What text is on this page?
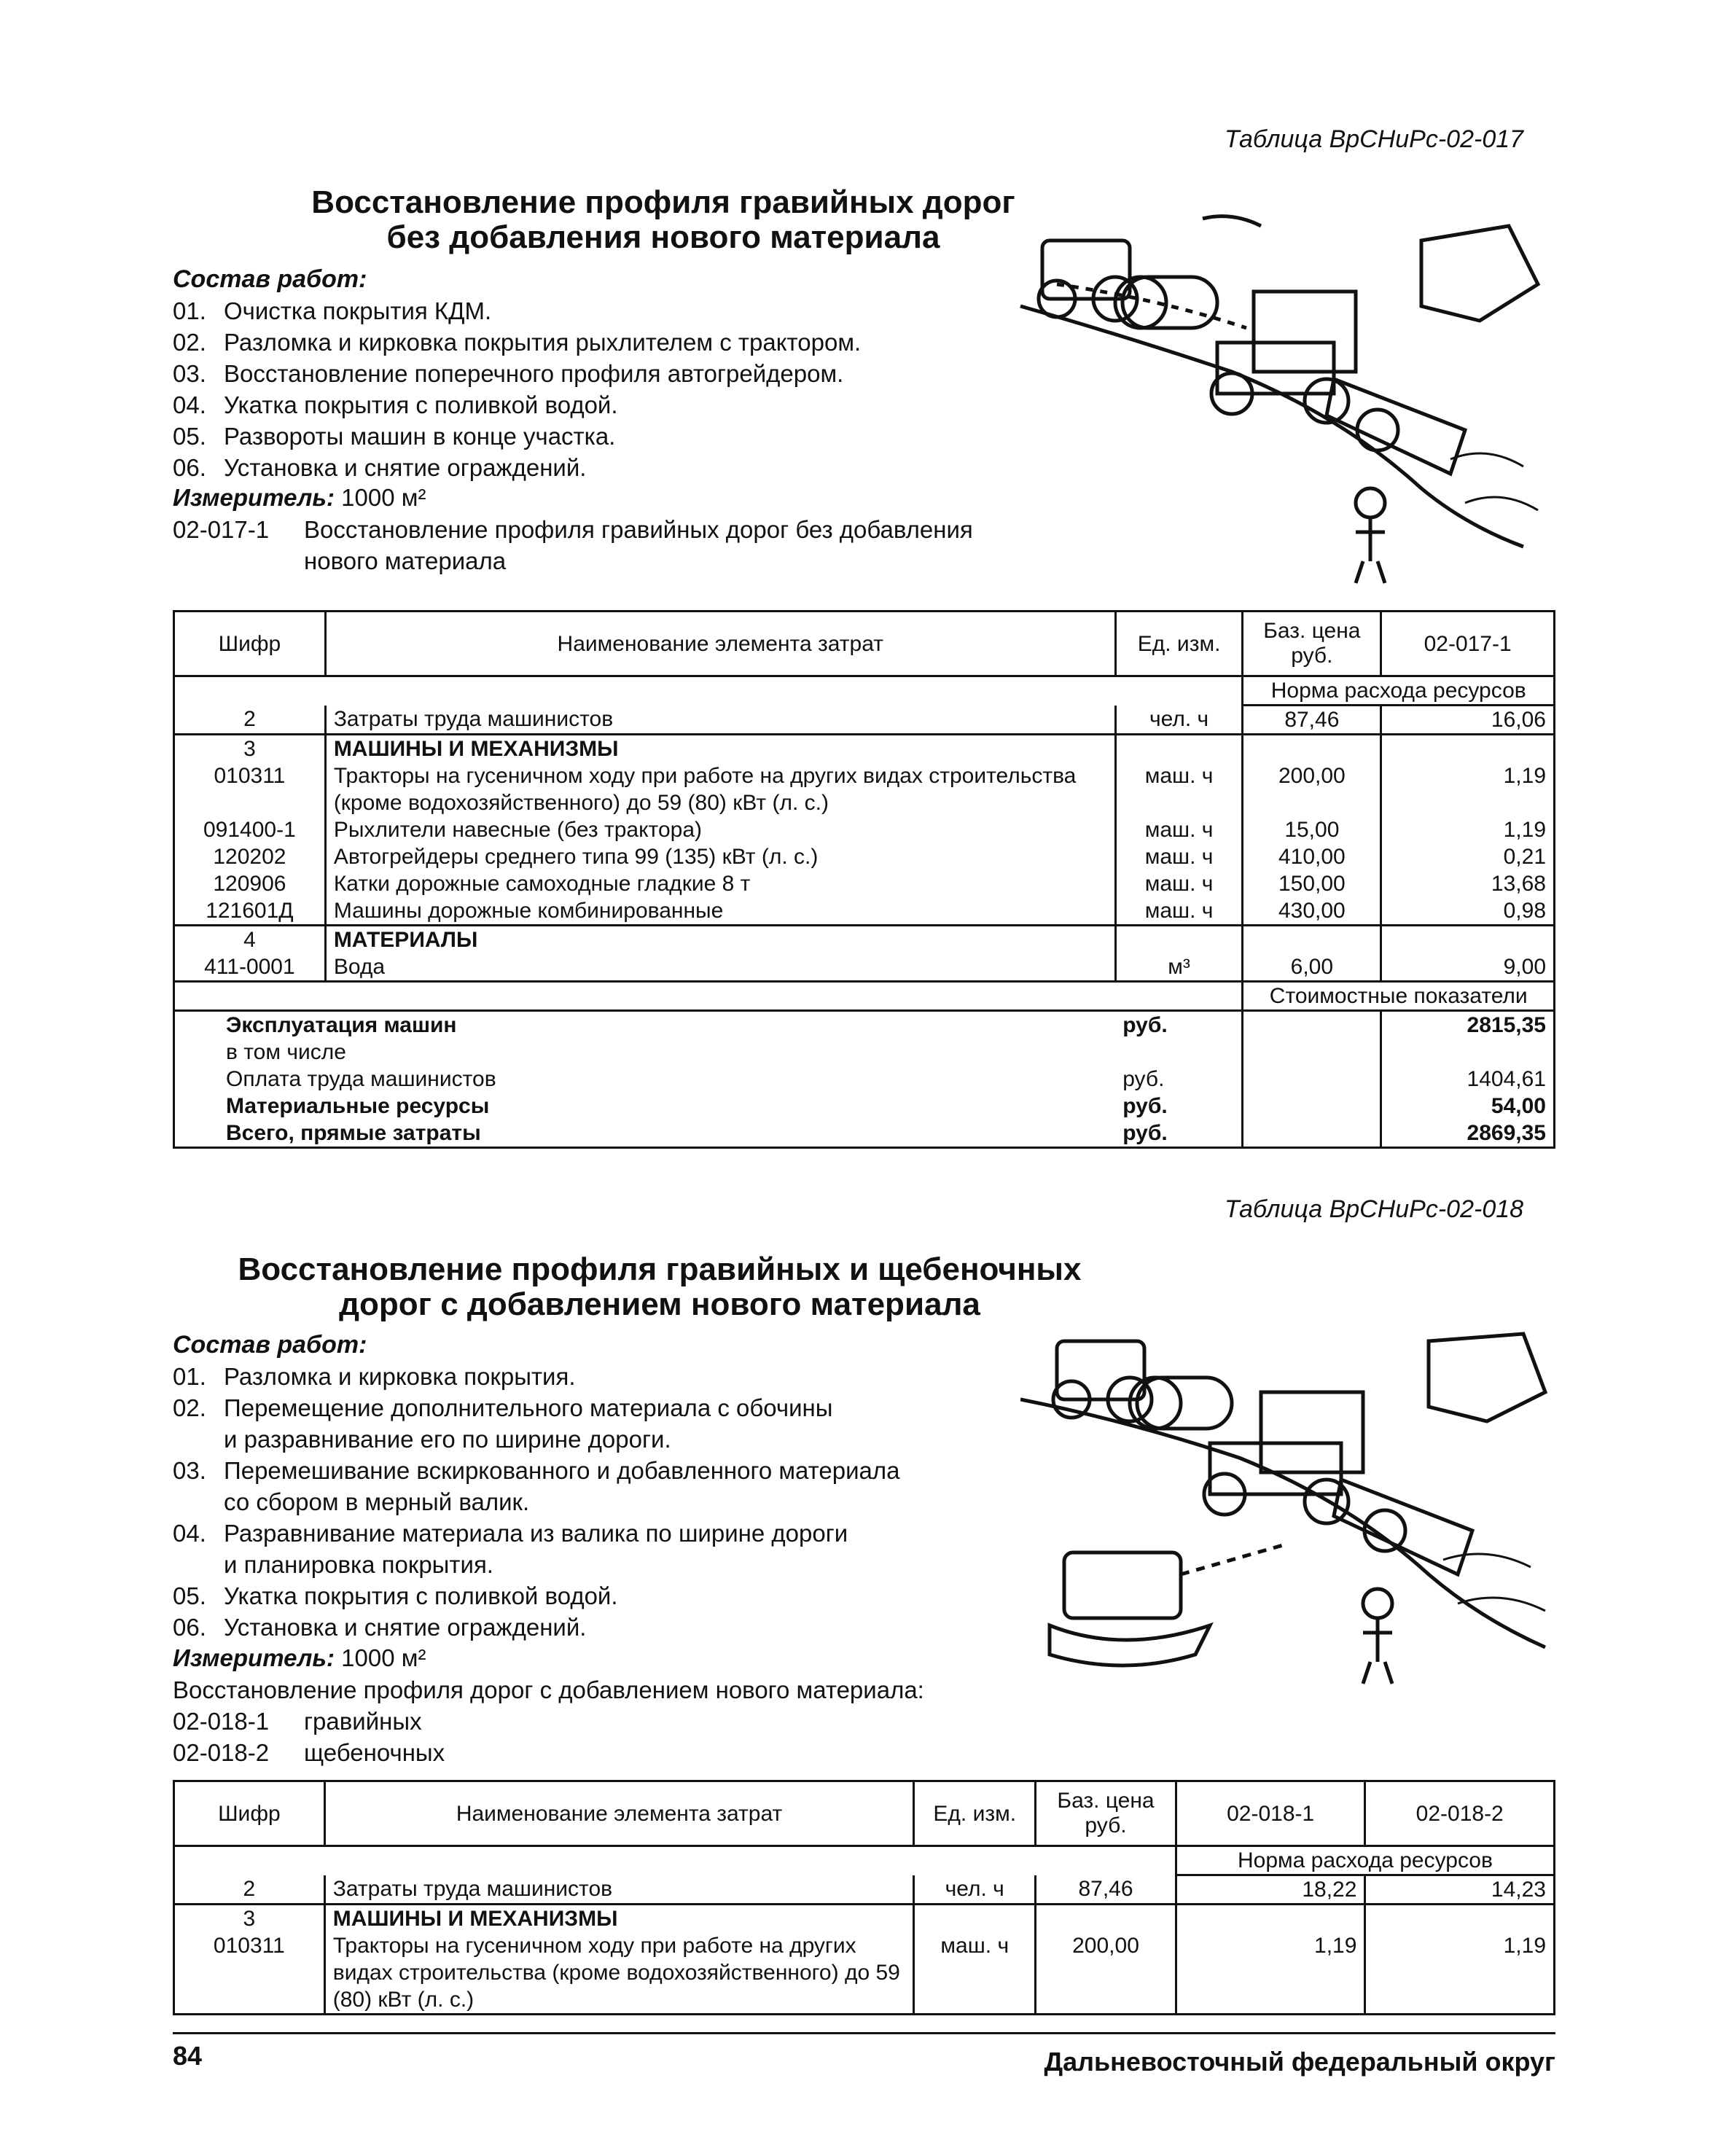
Таблица ВрСНиРс-02-017
Восстановление профиля гравийных дорог
без добавления нового материала
Состав работ:
01. Очистка покрытия КДМ.
02. Разломка и кирковка покрытия рыхлителем с трактором.
03. Восстановление поперечного профиля автогрейдером.
04. Укатка покрытия с поливкой водой.
05. Развороты машин в конце участка.
06. Установка и снятие ограждений.
Измеритель: 1000 м²
02-017-1 Восстановление профиля гравийных дорог без добавления
нового материала
Шифр	Наименование элемента затрат	Ед. изм.	Баз. цена руб.	02-017-1
			Норма расхода ресурсов	
2	Затраты труда машинистов	чел. ч	87,46	16,06
3	МАШИНЫ И МЕХАНИЗМЫ			
010311	Тракторы на гусеничном ходу при работе на других видах строительства (кроме водохозяйственного) до 59 (80) кВт (л. с.)	маш. ч	200,00	1,19
091400-1	Рыхлители навесные (без трактора)	маш. ч	15,00	1,19
120202	Автогрейдеры среднего типа 99 (135) кВт (л. с.)	маш. ч	410,00	0,21
120906	Катки дорожные самоходные гладкие 8 т	маш. ч	150,00	13,68
121601Д	Машины дорожные комбинированные	маш. ч	430,00	0,98
4	МАТЕРИАЛЫ			
411-0001	Вода	м³	6,00	9,00
			Стоимостные показатели	
Эксплуатация машин		руб.		2815,35
в том числе				
Оплата труда машинистов		руб.		1404,61
Материальные ресурсы		руб.		54,00
Всего, прямые затраты		руб.		2869,35
Таблица ВрСНиРс-02-018
Восстановление профиля гравийных и щебеночных
дорог с добавлением нового материала
Состав работ:
01. Разломка и кирковка покрытия.
02. Перемещение дополнительного материала с обочины
и разравнивание его по ширине дороги.
03. Перемешивание вскиркованного и добавленного материала
со сбором в мерный валик.
04. Разравнивание материала из валика по ширине дороги
и планировка покрытия.
05. Укатка покрытия с поливкой водой.
06. Установка и снятие ограждений.
Измеритель: 1000 м²
Восстановление профиля дорог с добавлением нового материала:
02-018-1 гравийных
02-018-2 щебеночных
Шифр	Наименование элемента затрат	Ед. изм.	Баз. цена руб.	02-018-1	02-018-2
				Норма расхода ресурсов	
2	Затраты труда машинистов	чел. ч	87,46	18,22	14,23
3	МАШИНЫ И МЕХАНИЗМЫ				
010311	Тракторы на гусеничном ходу при работе на других видах строительства (кроме водохозяйственного) до 59 (80) кВт (л. с.)	маш. ч	200,00	1,19	1,19
84	Дальневосточный федеральный округ
